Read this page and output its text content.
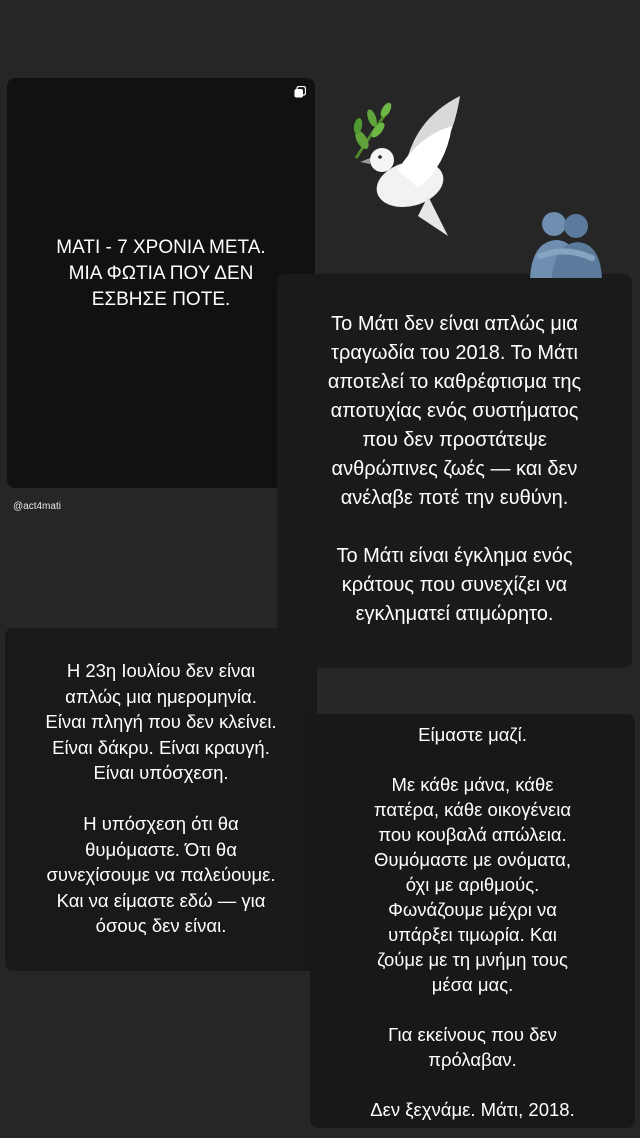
ΜΑΤΙ - 7 ΧΡΟΝΙΑ ΜΕΤΑ.
ΜΙΑ ΦΩΤΙΑ ΠΟΥ ΔΕΝ
ΕΣΒΗΣΕ ΠΟΤΕ.
@act4mati
Το Μάτι δεν είναι απλώς μια
τραγωδία του 2018. Το Μάτι
αποτελεί το καθρέφτισμα της
αποτυχίας ενός συστήματος
που δεν προστάτεψε
ανθρώπινες ζωές — και δεν
ανέλαβε ποτέ την ευθύνη.

Το Μάτι είναι έγκλημα ενός
κράτους που συνεχίζει να
εγκληματεί ατιμώρητο.
Η 23η Ιουλίου δεν είναι
απλώς μια ημερομηνία.
Είναι πληγή που δεν κλείνει.
Είναι δάκρυ. Είναι κραυγή.
Είναι υπόσχεση.

Η υπόσχεση ότι θα
θυμόμαστε. Ότι θα
συνεχίσουμε να παλεύουμε.
Και να είμαστε εδώ — για
όσους δεν είναι.
Είμαστε μαζί.

Με κάθε μάνα, κάθε
πατέρα, κάθε οικογένεια
που κουβαλά απώλεια.
Θυμόμαστε με ονόματα,
όχι με αριθμούς.
Φωνάζουμε μέχρι να
υπάρξει τιμωρία. Και
ζούμε με τη μνήμη τους
μέσα μας.

Για εκείνους που δεν
πρόλαβαν.

Δεν ξεχνάμε. Μάτι, 2018.
